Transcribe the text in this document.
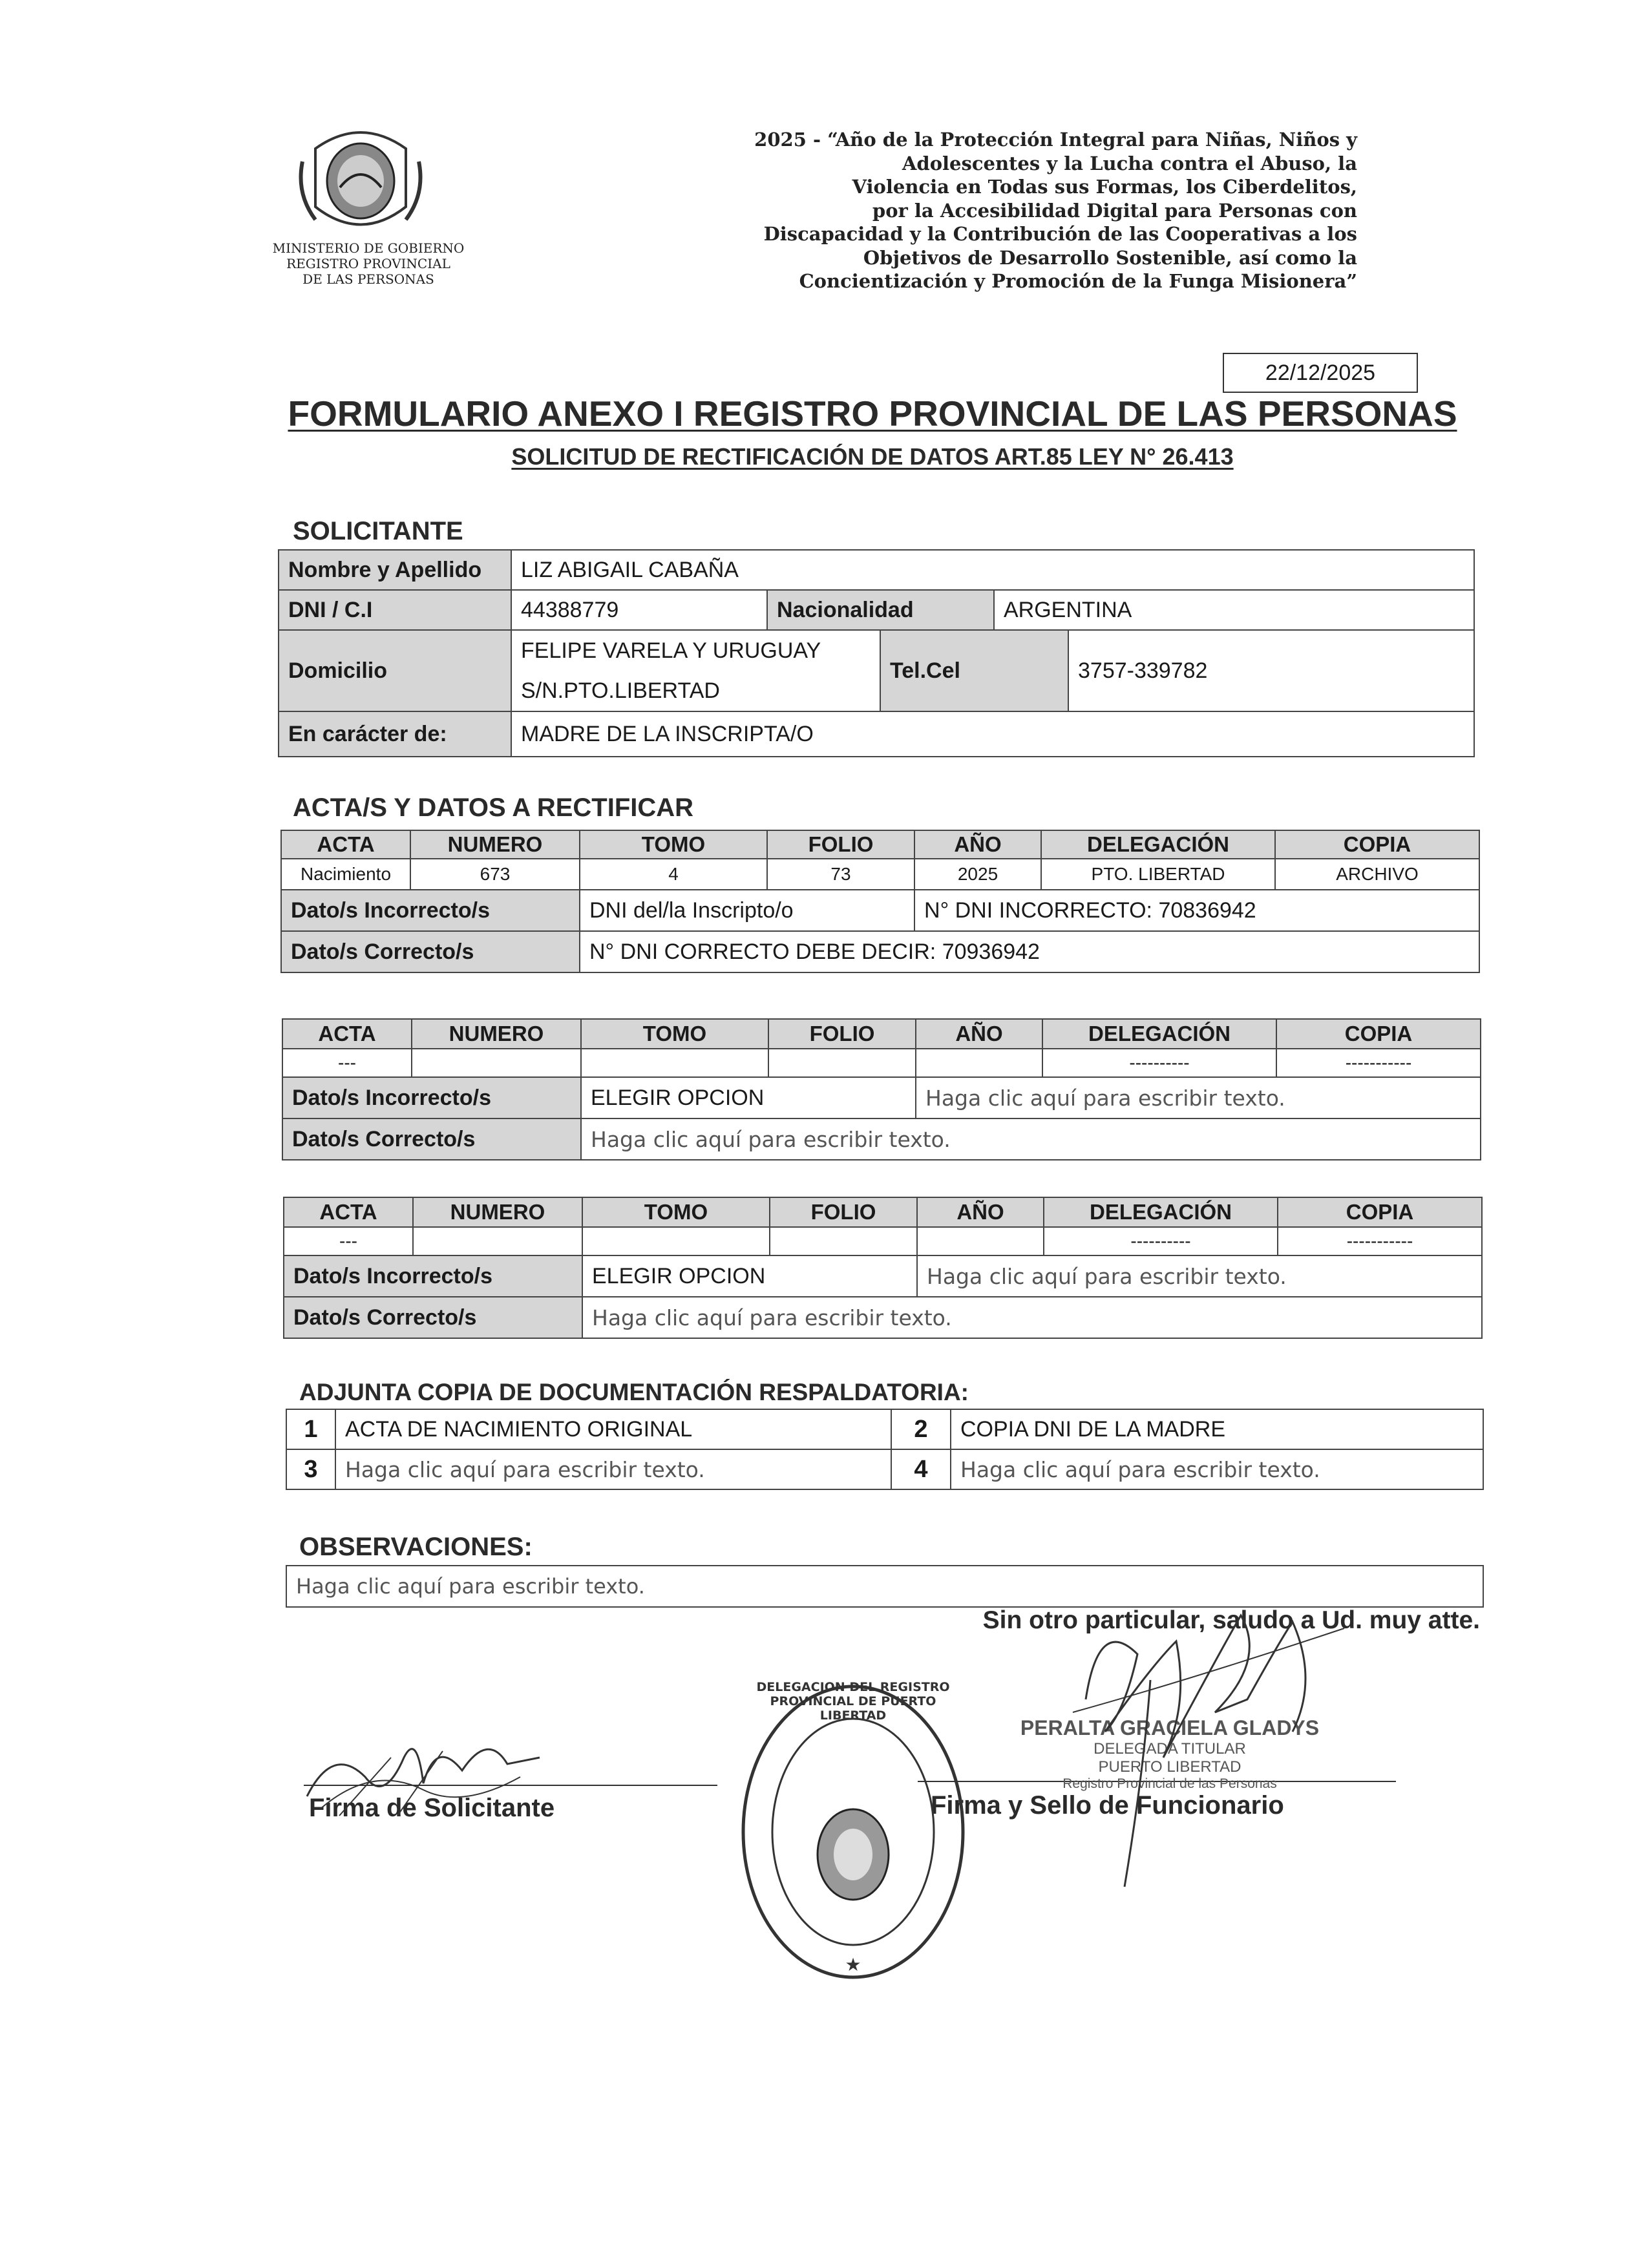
2025 - “Año de la Protección Integral para Niñas, Niños y
Adolescentes y la Lucha contra el Abuso, la
Violencia en Todas sus Formas, los Ciberdelitos,
por la Accesibilidad Digital para Personas con
Discapacidad y la Contribución de las Cooperativas a los
Objetivos de Desarrollo Sostenible, así como la
Concientización y Promoción de la Funga Misionera”
MINISTERIO DE GOBIERNO
REGISTRO PROVINCIAL
DE LAS PERSONAS
22/12/2025
FORMULARIO ANEXO I REGISTRO PROVINCIAL DE LAS PERSONAS
SOLICITUD DE RECTIFICACIÓN DE DATOS ART.85 LEY N° 26.413
SOLICITANTE
Nombre y Apellido	LIZ ABIGAIL CABAÑA				
DNI / C.I	44388779	Nacionalidad		ARGENTINA	
Domicilio	FELIPE VARELA Y URUGUAY
S/N.PTO.LIBERTAD		Tel.Cel		3757-339782
En carácter de:	MADRE DE LA INSCRIPTA/O				
ACTA/S Y DATOS A RECTIFICAR
ACTA	NUMERO	TOMO	FOLIO	AÑO	DELEGACIÓN	COPIA
Nacimiento	673	4	73	2025	PTO. LIBERTAD	ARCHIVO
Dato/s Incorrecto/s		DNI del/la Inscripto/o		N° DNI INCORRECTO: 70836942		
Dato/s Correcto/s		N° DNI CORRECTO DEBE DECIR: 70936942				
ACTA	NUMERO	TOMO	FOLIO	AÑO	DELEGACIÓN	COPIA
---					----------	-----------
Dato/s Incorrecto/s		ELEGIR OPCION		Haga clic aquí para escribir texto.		
Dato/s Correcto/s		Haga clic aquí para escribir texto.				
ACTA	NUMERO	TOMO	FOLIO	AÑO	DELEGACIÓN	COPIA
---					----------	-----------
Dato/s Incorrecto/s		ELEGIR OPCION		Haga clic aquí para escribir texto.		
Dato/s Correcto/s		Haga clic aquí para escribir texto.				
ADJUNTA COPIA DE DOCUMENTACIÓN RESPALDATORIA:
1	ACTA DE NACIMIENTO ORIGINAL	2	COPIA DNI DE LA MADRE
3	Haga clic aquí para escribir texto.	4	Haga clic aquí para escribir texto.
OBSERVACIONES:
Haga clic aquí para escribir texto.
Sin otro particular, saludo a Ud. muy atte.
Firma de Solicitante	Firma y Sello de Funcionario
PERALTA GRACIELA GLADYS
DELEGADA TITULAR
PUERTO LIBERTAD
Registro Provincial de las Personas
★
DELEGACION DEL REGISTRO PROVINCIAL DE PUERTO LIBERTAD
